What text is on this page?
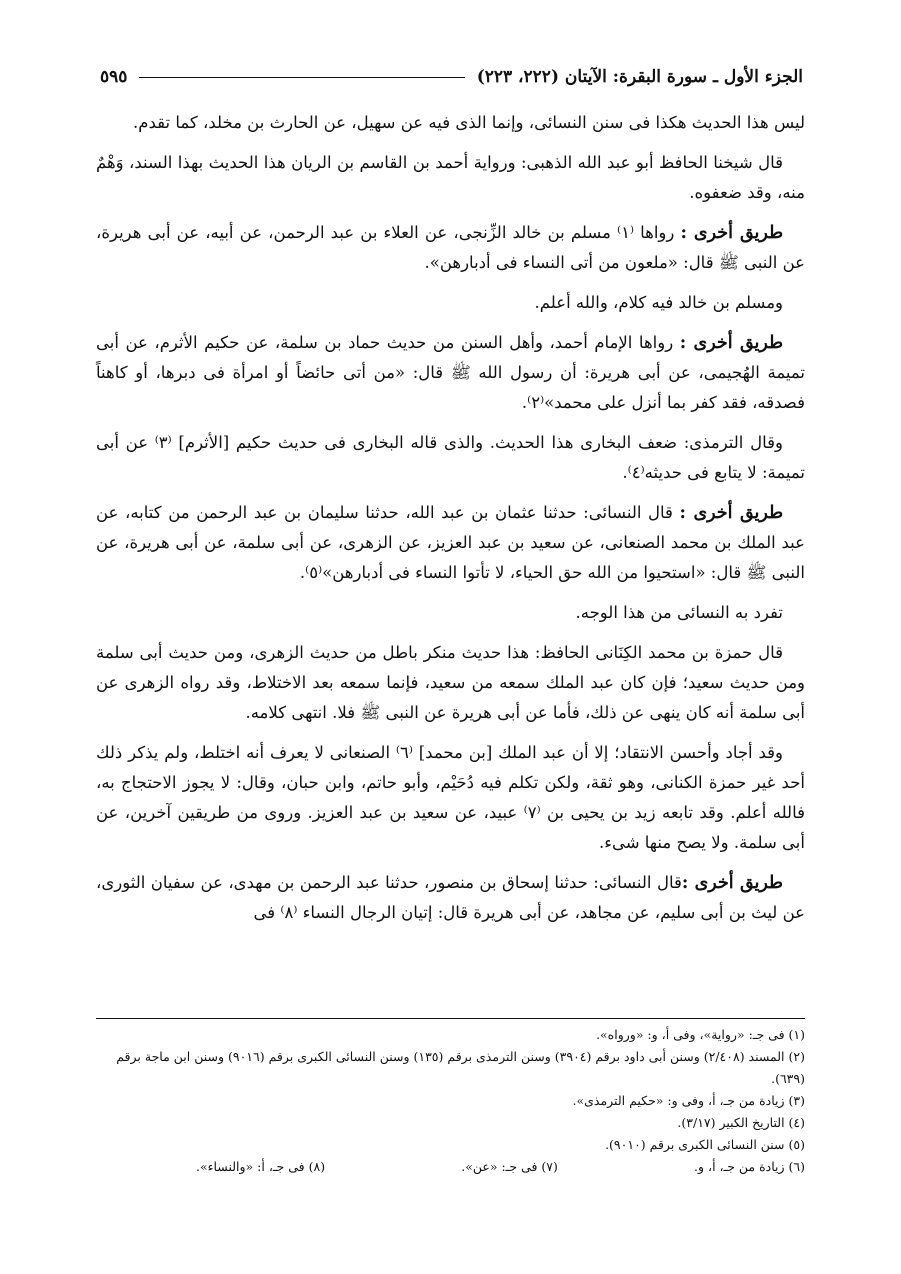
الجزء الأول ـ سورة البقرة: الآيتان (٢٢٢، ٢٢٣)
٥٩٥

ليس هذا الحديث هكذا فى سنن النسائى، وإنما الذى فيه عن سهيل، عن الحارث بن مخلد، كما تقدم.

قال شيخنا الحافظ أبو عبد الله الذهبى: ورواية أحمد بن القاسم بن الريان هذا الحديث بهذا السند، وَهْمٌ منه، وقد ضعفوه.

طريق أخرى : رواها ⁽١⁾ مسلم بن خالد الزِّنجى، عن العلاء بن عبد الرحمن، عن أبيه، عن أبى هريرة، عن النبى ﷺ قال: «ملعون من أتى النساء فى أدبارهن».

ومسلم بن خالد فيه كلام، والله أعلم.

طريق أخرى : رواها الإمام أحمد، وأهل السنن من حديث حماد بن سلمة، عن حكيم الأثرم، عن أبى تميمة الهُجيمى، عن أبى هريرة: أن رسول الله ﷺ قال: «من أتى حائضاً أو امرأة فى دبرها، أو كاهناً فصدقه، فقد كفر بما أنزل على محمد»⁽٢⁾.

وقال الترمذى: ضعف البخارى هذا الحديث. والذى قاله البخارى فى حديث حكيم [الأثرم] ⁽٣⁾ عن أبى تميمة: لا يتابع فى حديثه⁽٤⁾.

طريق أخرى : قال النسائى: حدثنا عثمان بن عبد الله، حدثنا سليمان بن عبد الرحمن من كتابه، عن عبد الملك بن محمد الصنعانى، عن سعيد بن عبد العزيز، عن الزهرى، عن أبى سلمة، عن أبى هريرة، عن النبى ﷺ قال: «استحيوا من الله حق الحياء، لا تأتوا النساء فى أدبارهن»⁽٥⁾.

تفرد به النسائى من هذا الوجه.

قال حمزة بن محمد الكِنَانى الحافظ: هذا حديث منكر باطل من حديث الزهرى، ومن حديث أبى سلمة ومن حديث سعيد؛ فإن كان عبد الملك سمعه من سعيد، فإنما سمعه بعد الاختلاط، وقد رواه الزهرى عن أبى سلمة أنه كان ينهى عن ذلك، فأما عن أبى هريرة عن النبى ﷺ فلا. انتهى كلامه.

وقد أجاد وأحسن الانتقاد؛ إلا أن عبد الملك [بن محمد] ⁽٦⁾ الصنعانى لا يعرف أنه اختلط، ولم يذكر ذلك أحد غير حمزة الكنانى، وهو ثقة، ولكن تكلم فيه دُحَيْم، وأبو حاتم، وابن حبان، وقال: لا يجوز الاحتجاج به، فالله أعلم. وقد تابعه زيد بن يحيى بن ⁽٧⁾ عبيد، عن سعيد بن عبد العزيز. وروى من طريقين آخرين، عن أبى سلمة. ولا يصح منها شىء.

طريق أخرى :قال النسائى: حدثنا إسحاق بن منصور، حدثنا عبد الرحمن بن مهدى، عن سفيان الثورى، عن ليث بن أبى سليم، عن مجاهد، عن أبى هريرة قال: إتيان الرجال النساء ⁽٨⁾ فى

(١) فى جـ: «رواية»، وفى أ، و: «ورواه».

(٢) المسند (٢/٤٠٨) وسنن أبى داود برقم (٣٩٠٤) وسنن الترمذى برقم (١٣٥) وسنن النسائى الكبرى برقم (٩٠١٦) وسنن ابن ماجة برقم (٦٣٩).

(٣) زيادة من جـ، أ، وفى و: «حكيم الترمذى».

(٤) التاريخ الكبير (٣/١٧).

(٥) سنن النسائى الكبرى برقم (٩٠١٠).

(٦) زيادة من جـ، أ، و.
(٧) فى جـ: «عن».
(٨) فى جـ، أ: «والنساء».
